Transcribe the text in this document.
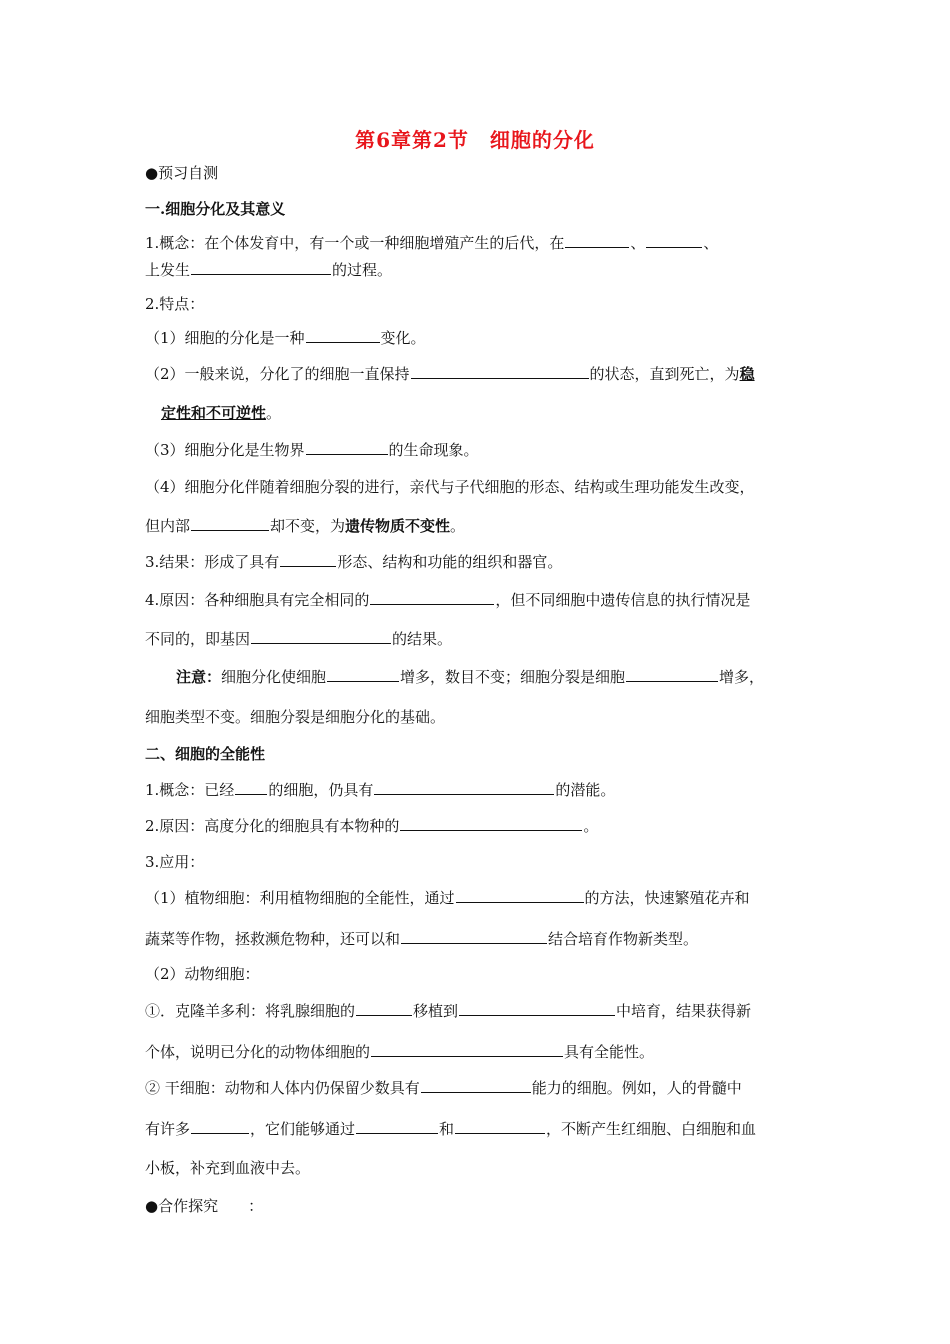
第6章第2节　细胞的分化
●预习自测
一.细胞分化及其意义
1.概念：在个体发育中，有一个或一种细胞增殖产生的后代，在	、	、
上发生	的过程。
2.特点：
（1）细胞的分化是一种	变化。
（2）一般来说，分化了的细胞一直保持	的状态，直到死亡，为稳
定性和不可逆性。
（3）细胞分化是生物界	的生命现象。
（4）细胞分化伴随着细胞分裂的进行，亲代与子代细胞的形态、结构或生理功能发生改变，
但内部	却不变，为遗传物质不变性。
3.结果：形成了具有	形态、结构和功能的组织和器官。
4.原因：各种细胞具有完全相同的	，但不同细胞中遗传信息的执行情况是
不同的，即基因	的结果。
注意：细胞分化使细胞	增多，数目不变；细胞分裂是细胞	增多，
细胞类型不变。细胞分裂是细胞分化的基础。
二、细胞的全能性
1.概念：已经 的细胞，仍具有	的潜能。
2.原因：高度分化的细胞具有本物种的	。
3.应用：
（1）植物细胞：利用植物细胞的全能性，通过	的方法，快速繁殖花卉和
蔬菜等作物，拯救濒危物种，还可以和	结合培育作物新类型。
（2）动物细胞：
①．克隆羊多利：将乳腺细胞的	移植到	中培育，结果获得新
个体，说明已分化的动物体细胞的	具有全能性。
② 干细胞：动物和人体内仍保留少数具有	能力的细胞。例如，人的骨髓中
有许多	，它们能够通过	和	，不断产生红细胞、白细胞和血
小板，补充到血液中去。
●合作探究　　：
